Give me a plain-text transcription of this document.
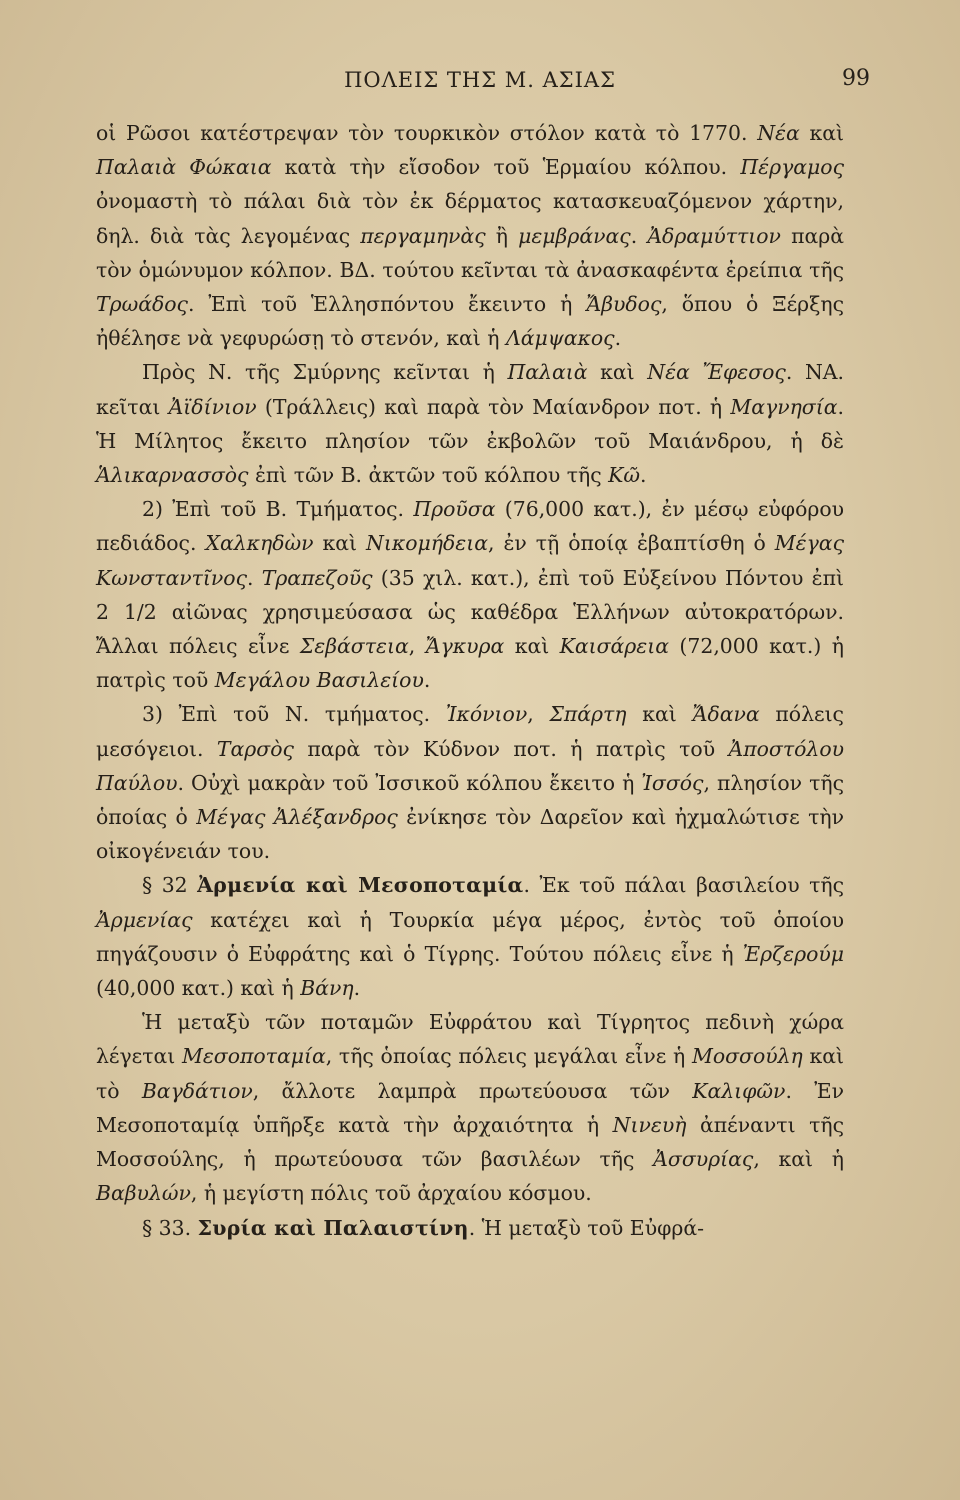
ΠΟΛΕΙΣ ΤΗΣ Μ. ΑΣΙΑΣ	99

οἱ Ρῶσοι κατέστρεψαν τὸν τουρκικὸν στόλον κατὰ τὸ 1770. Νέα καὶ Παλαιὰ Φώκαια κατὰ τὴν εἴσοδον τοῦ Ἑρμαίου κόλπου. Πέργαμος ὀνομαστὴ τὸ πάλαι διὰ τὸν ἐκ δέρματος κατασκευαζόμενον χάρτην, δηλ. διὰ τὰς λεγομένας περγαμηνὰς ἢ μεμβράνας. Ἀδραμύττιον παρὰ τὸν ὁμώνυμον κόλπον. ΒΔ. τούτου κεῖνται τὰ ἀνασκαφέντα ἐρείπια τῆς Τρωάδος. Ἐπὶ τοῦ Ἑλλησπόντου ἔκειντο ἡ Ἄβυδος, ὅπου ὁ Ξέρξης ἠθέλησε νὰ γεφυρώσῃ τὸ στενόν, καὶ ἡ Λάμψακος.

Πρὸς Ν. τῆς Σμύρνης κεῖνται ἡ Παλαιὰ καὶ Νέα Ἔφεσος. ΝΑ. κεῖται Ἀϊδίνιον (Τράλλεις) καὶ παρὰ τὸν Μαίανδρον ποτ. ἡ Μαγνησία. Ἡ Μίλητος ἔκειτο πλησίον τῶν ἐκβολῶν τοῦ Μαιάνδρου, ἡ δὲ Ἁλικαρνασσὸς ἐπὶ τῶν Β. ἀκτῶν τοῦ κόλπου τῆς Κῶ.

2) Ἐπὶ τοῦ Β. Τμήματος. Προῦσα (76,000 κατ.), ἐν μέσῳ εὐφόρου πεδιάδος. Χαλκηδὼν καὶ Νικομήδεια, ἐν τῇ ὁποίᾳ ἐβαπτίσθη ὁ Μέγας Κωνσταντῖνος. Τραπεζοῦς (35 χιλ. κατ.), ἐπὶ τοῦ Εὐξείνου Πόντου ἐπὶ 2 1/2 αἰῶνας χρησιμεύσασα ὡς καθέδρα Ἑλλήνων αὐτοκρατόρων. Ἄλλαι πόλεις εἶνε Σεβάστεια, Ἄγκυρα καὶ Καισάρεια (72,000 κατ.) ἡ πατρὶς τοῦ Μεγάλου Βασιλείου.

3) Ἐπὶ τοῦ Ν. τμήματος. Ἰκόνιον, Σπάρτη καὶ Ἄδανα πόλεις μεσόγειοι. Ταρσὸς παρὰ τὸν Κύδνον ποτ. ἡ πατρὶς τοῦ Ἀποστόλου Παύλου. Οὐχὶ μακρὰν τοῦ Ἰσσικοῦ κόλπου ἔκειτο ἡ Ἰσσός, πλησίον τῆς ὁποίας ὁ Μέγας Ἀλέξανδρος ἐνίκησε τὸν Δαρεῖον καὶ ἠχμαλώτισε τὴν οἰκογένειάν του.

§ 32 Ἀρμενία καὶ Μεσοποταμία. Ἐκ τοῦ πάλαι βασιλείου τῆς Ἀρμενίας κατέχει καὶ ἡ Τουρκία μέγα μέρος, ἐντὸς τοῦ ὁποίου πηγάζουσιν ὁ Εὐφράτης καὶ ὁ Τίγρης. Τούτου πόλεις εἶνε ἡ Ἐρζερούμ (40,000 κατ.) καὶ ἡ Βάνη.

Ἡ μεταξὺ τῶν ποταμῶν Εὐφράτου καὶ Τίγρητος πεδινὴ χώρα λέγεται Μεσοποταμία, τῆς ὁποίας πόλεις μεγάλαι εἶνε ἡ Μοσσούλη καὶ τὸ Βαγδάτιον, ἄλλοτε λαμπρὰ πρωτεύουσα τῶν Καλιφῶν. Ἐν Μεσοποταμίᾳ ὑπῆρξε κατὰ τὴν ἀρχαιότητα ἡ Νινευὴ ἀπέναντι τῆς Μοσσούλης, ἡ πρωτεύουσα τῶν βασιλέων τῆς Ἀσσυρίας, καὶ ἡ Βαβυλών, ἡ μεγίστη πόλις τοῦ ἀρχαίου κόσμου.

§ 33. Συρία καὶ Παλαιστίνη. Ἡ μεταξὺ τοῦ Εὐφρά-
